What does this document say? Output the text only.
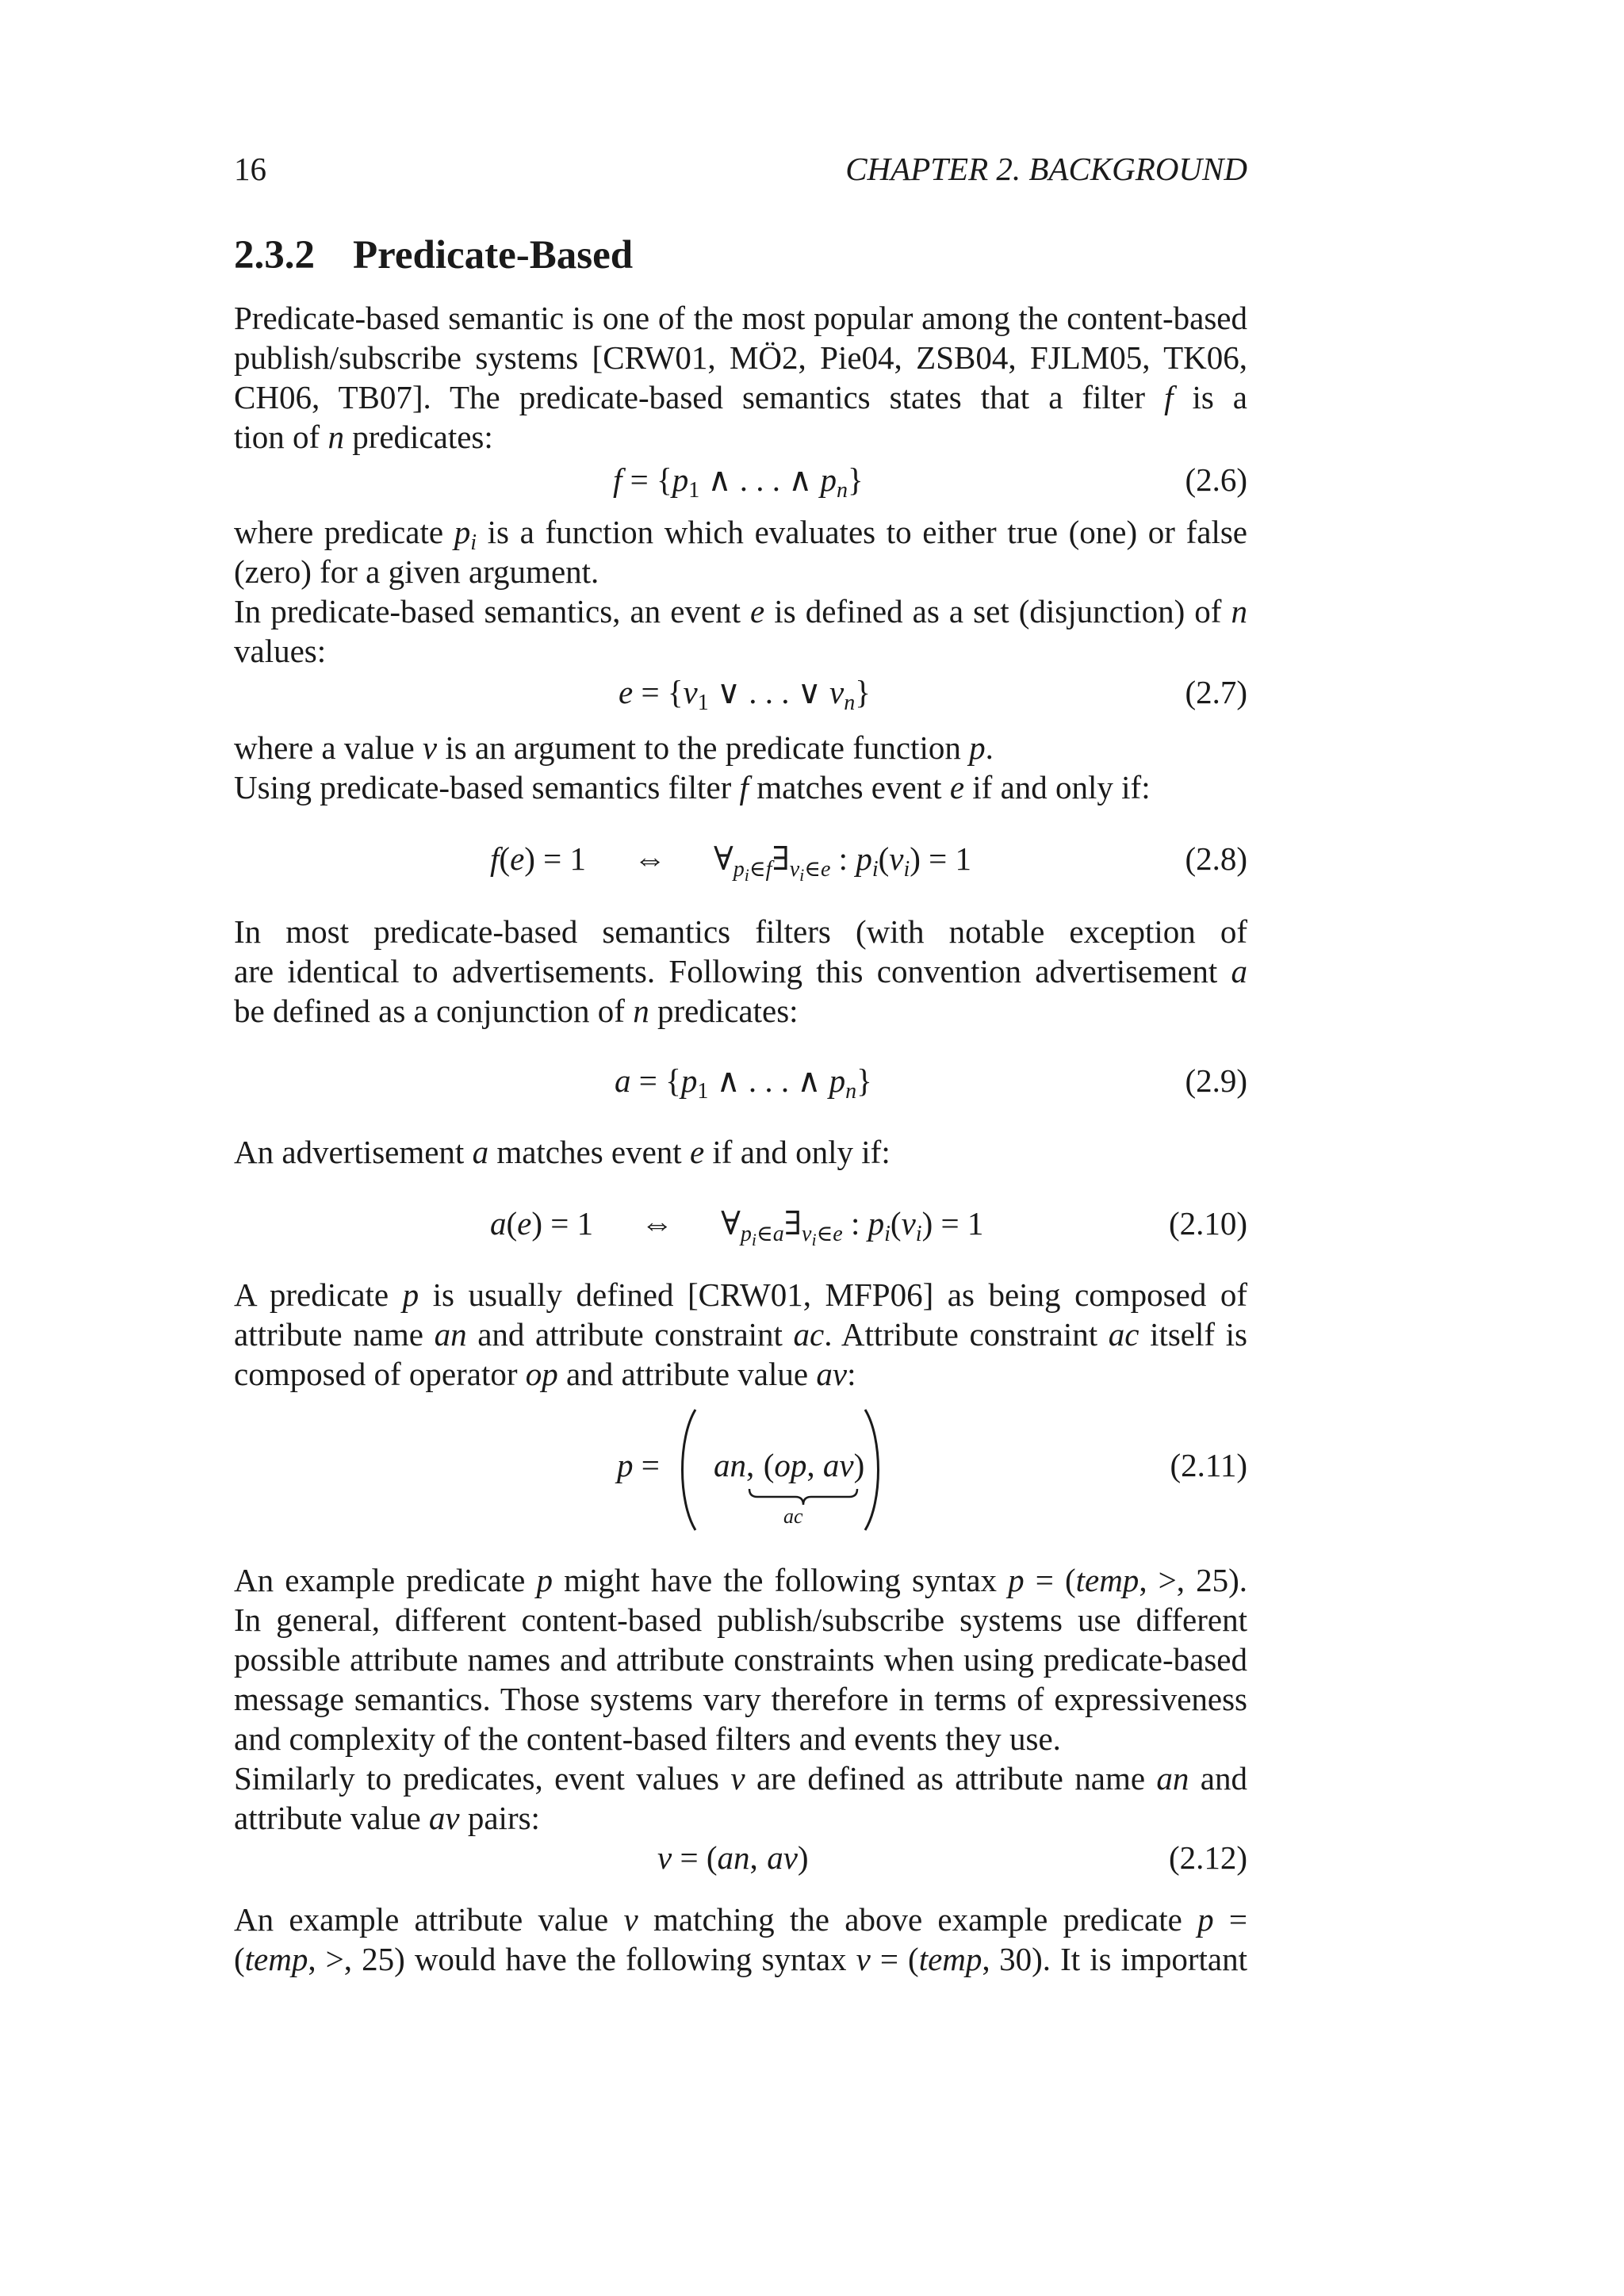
16	CHAPTER 2. BACKGROUND
2.3.2 Predicate-Based
Predicate-based semantic is one of the most popular among the content-based
publish/subscribe systems [CRW01, MÖ2, Pie04, ZSB04, FJLM05, TK06,
CH06, TB07]. The predicate-based semantics states that a filter f is a
tion of n predicates:
$f = \{p_1$ ∧ . . . ∧ $p_n$}	(2.6)
where predicate $p_i$ is a function which evaluates to either true (one) or false
(zero) for a given argument.
In predicate-based semantics, an event e is defined as a set (disjunction) of n
values:
$e = \{v_1$ ∨ . . . ∨ $v_n$}	(2.7)
where a value v is an argument to the predicate function p.
Using predicate-based semantics filter f matches event e if and only if:
f(e) = 1 ⇔ $\forall_{p_i\in f}\exists_{v_i\in e}$ : $p_i(v_i) = 1$	(2.8)
In most predicate-based semantics filters (with notable exception of
are identical to advertisements. Following this convention advertisement a
be defined as a conjunction of n predicates:
$a = \{p_1$ ∧ . . . ∧ $p_n$}	(2.9)
An advertisement a matches event e if and only if:
a(e) = 1 ⇔ $\forall_{p_i\in a}\exists_{v_i\in e}$ : $p_i(v_i) = 1$	(2.10)
A predicate p is usually defined [CRW01, MFP06] as being composed of
attribute name an and attribute constraint ac. Attribute constraint ac itself is
composed of operator op and attribute value av:
p = an, (op, av)
ac
(2.11)
An example predicate p might have the following syntax p = (temp, >, 25).
In general, different content-based publish/subscribe systems use different
possible attribute names and attribute constraints when using predicate-based
message semantics. Those systems vary therefore in terms of expressiveness
and complexity of the content-based filters and events they use.
Similarly to predicates, event values v are defined as attribute name an and
attribute value av pairs:
v = (an, av)	(2.12)
An example attribute value v matching the above example predicate p =
(temp, >, 25) would have the following syntax v = (temp, 30). It is important
